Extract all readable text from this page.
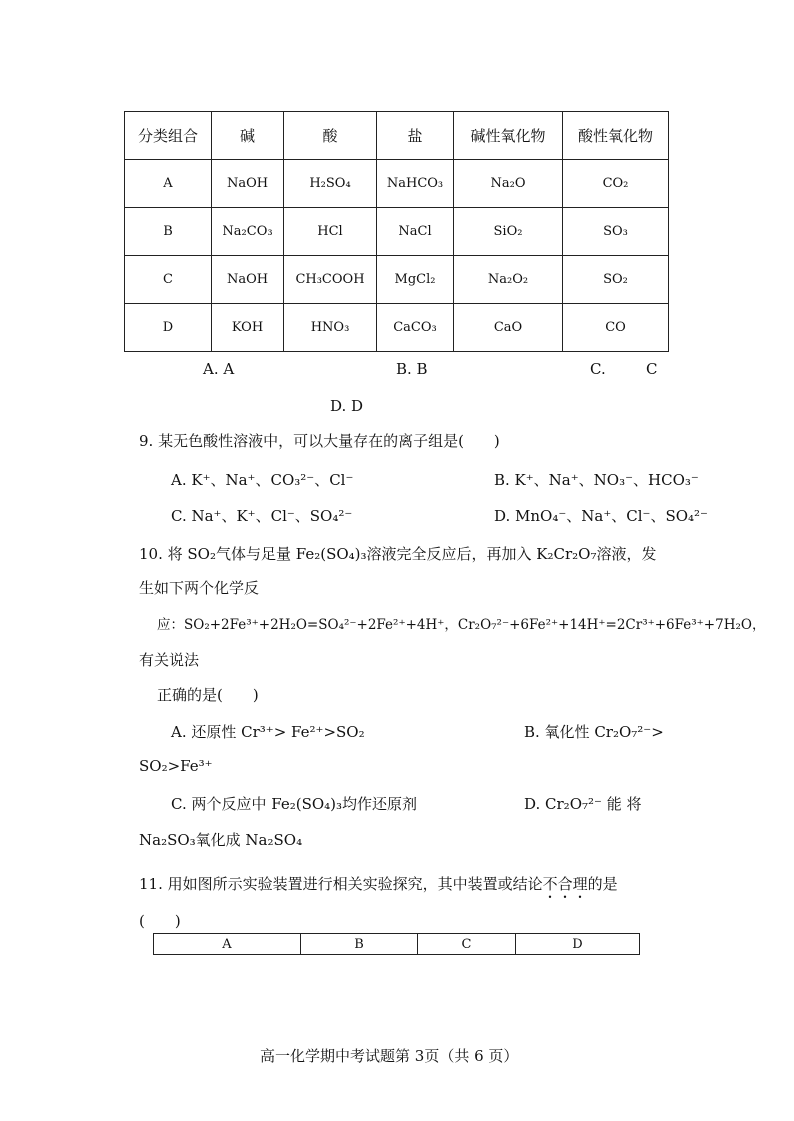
分类组合	碱	酸	盐	碱性氧化物	酸性氧化物
A	NaOH	H₂SO₄	NaHCO₃	Na₂O	CO₂
B	Na₂CO₃	HCl	NaCl	SiO₂	SO₃
C	NaOH	CH₃COOH	MgCl₂	Na₂O₂	SO₂
D	KOH	HNO₃	CaCO₃	CaO	CO
A. A	B. B	C.	C
D. D
9. 某无色酸性溶液中，可以大量存在的离子组是(　　)
A. K⁺、Na⁺、CO₃²⁻、Cl⁻	B. K⁺、Na⁺、NO₃⁻、HCO₃⁻
C. Na⁺、K⁺、Cl⁻、SO₄²⁻	D. MnO₄⁻、Na⁺、Cl⁻、SO₄²⁻
10. 将 SO₂气体与足量 Fe₂(SO₄)₃溶液完全反应后，再加入 K₂Cr₂O₇溶液，发
生如下两个化学反
应：SO₂+2Fe³⁺+2H₂O=SO₄²⁻+2Fe²⁺+4H⁺，Cr₂O₇²⁻+6Fe²⁺+14H⁺=2Cr³⁺+6Fe³⁺+7H₂O，
有关说法
正确的是(　　)
A. 还原性 Cr³⁺> Fe²⁺>SO₂	B. 氧化性 Cr₂O₇²⁻>
SO₂>Fe³⁺
C. 两个反应中 Fe₂(SO₄)₃均作还原剂	D. Cr₂O₇²⁻ 能 将
Na₂SO₃氧化成 Na₂SO₄
11. 用如图所示实验装置进行相关实验探究，其中装置或结论不合理的是
(　　)
A	B	C	D
高一化学期中考试题第 3页（共 6 页）
